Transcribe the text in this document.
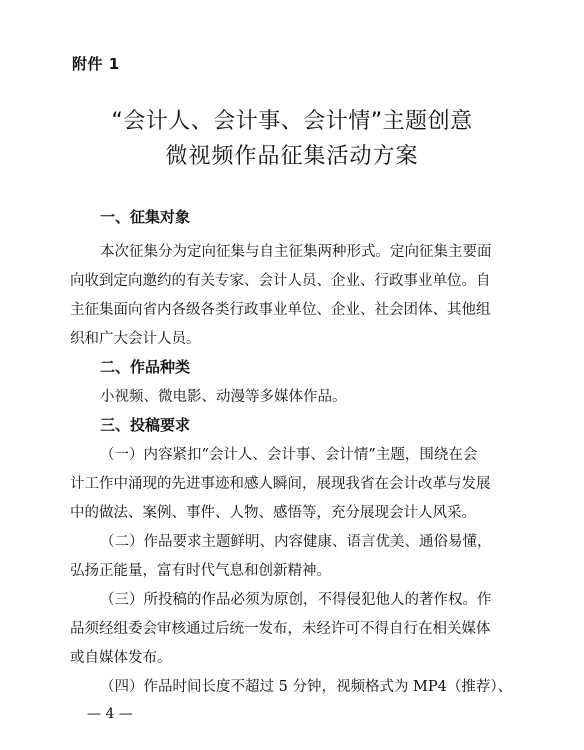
附件 1
“会计人、会计事、会计情”主题创意
微视频作品征集活动方案
一、征集对象
本次征集分为定向征集与自主征集两种形式。定向征集主要面
向收到定向邀约的有关专家、会计人员、企业、行政事业单位。自
主征集面向省内各级各类行政事业单位、企业、社会团体、其他组
织和广大会计人员。
二、作品种类
小视频、微电影、动漫等多媒体作品。
三、投稿要求
（一）内容紧扣“会计人、会计事、会计情”主题，围绕在会
计工作中涌现的先进事迹和感人瞬间，展现我省在会计改革与发展
中的做法、案例、事件、人物、感悟等，充分展现会计人风采。
（二）作品要求主题鲜明、内容健康、语言优美、通俗易懂，
弘扬正能量，富有时代气息和创新精神。
（三）所投稿的作品必须为原创，不得侵犯他人的著作权。作
品须经组委会审核通过后统一发布，未经许可不得自行在相关媒体
或自媒体发布。
（四）作品时间长度不超过 5 分钟，视频格式为 MP4（推荐）、
— 4 —
